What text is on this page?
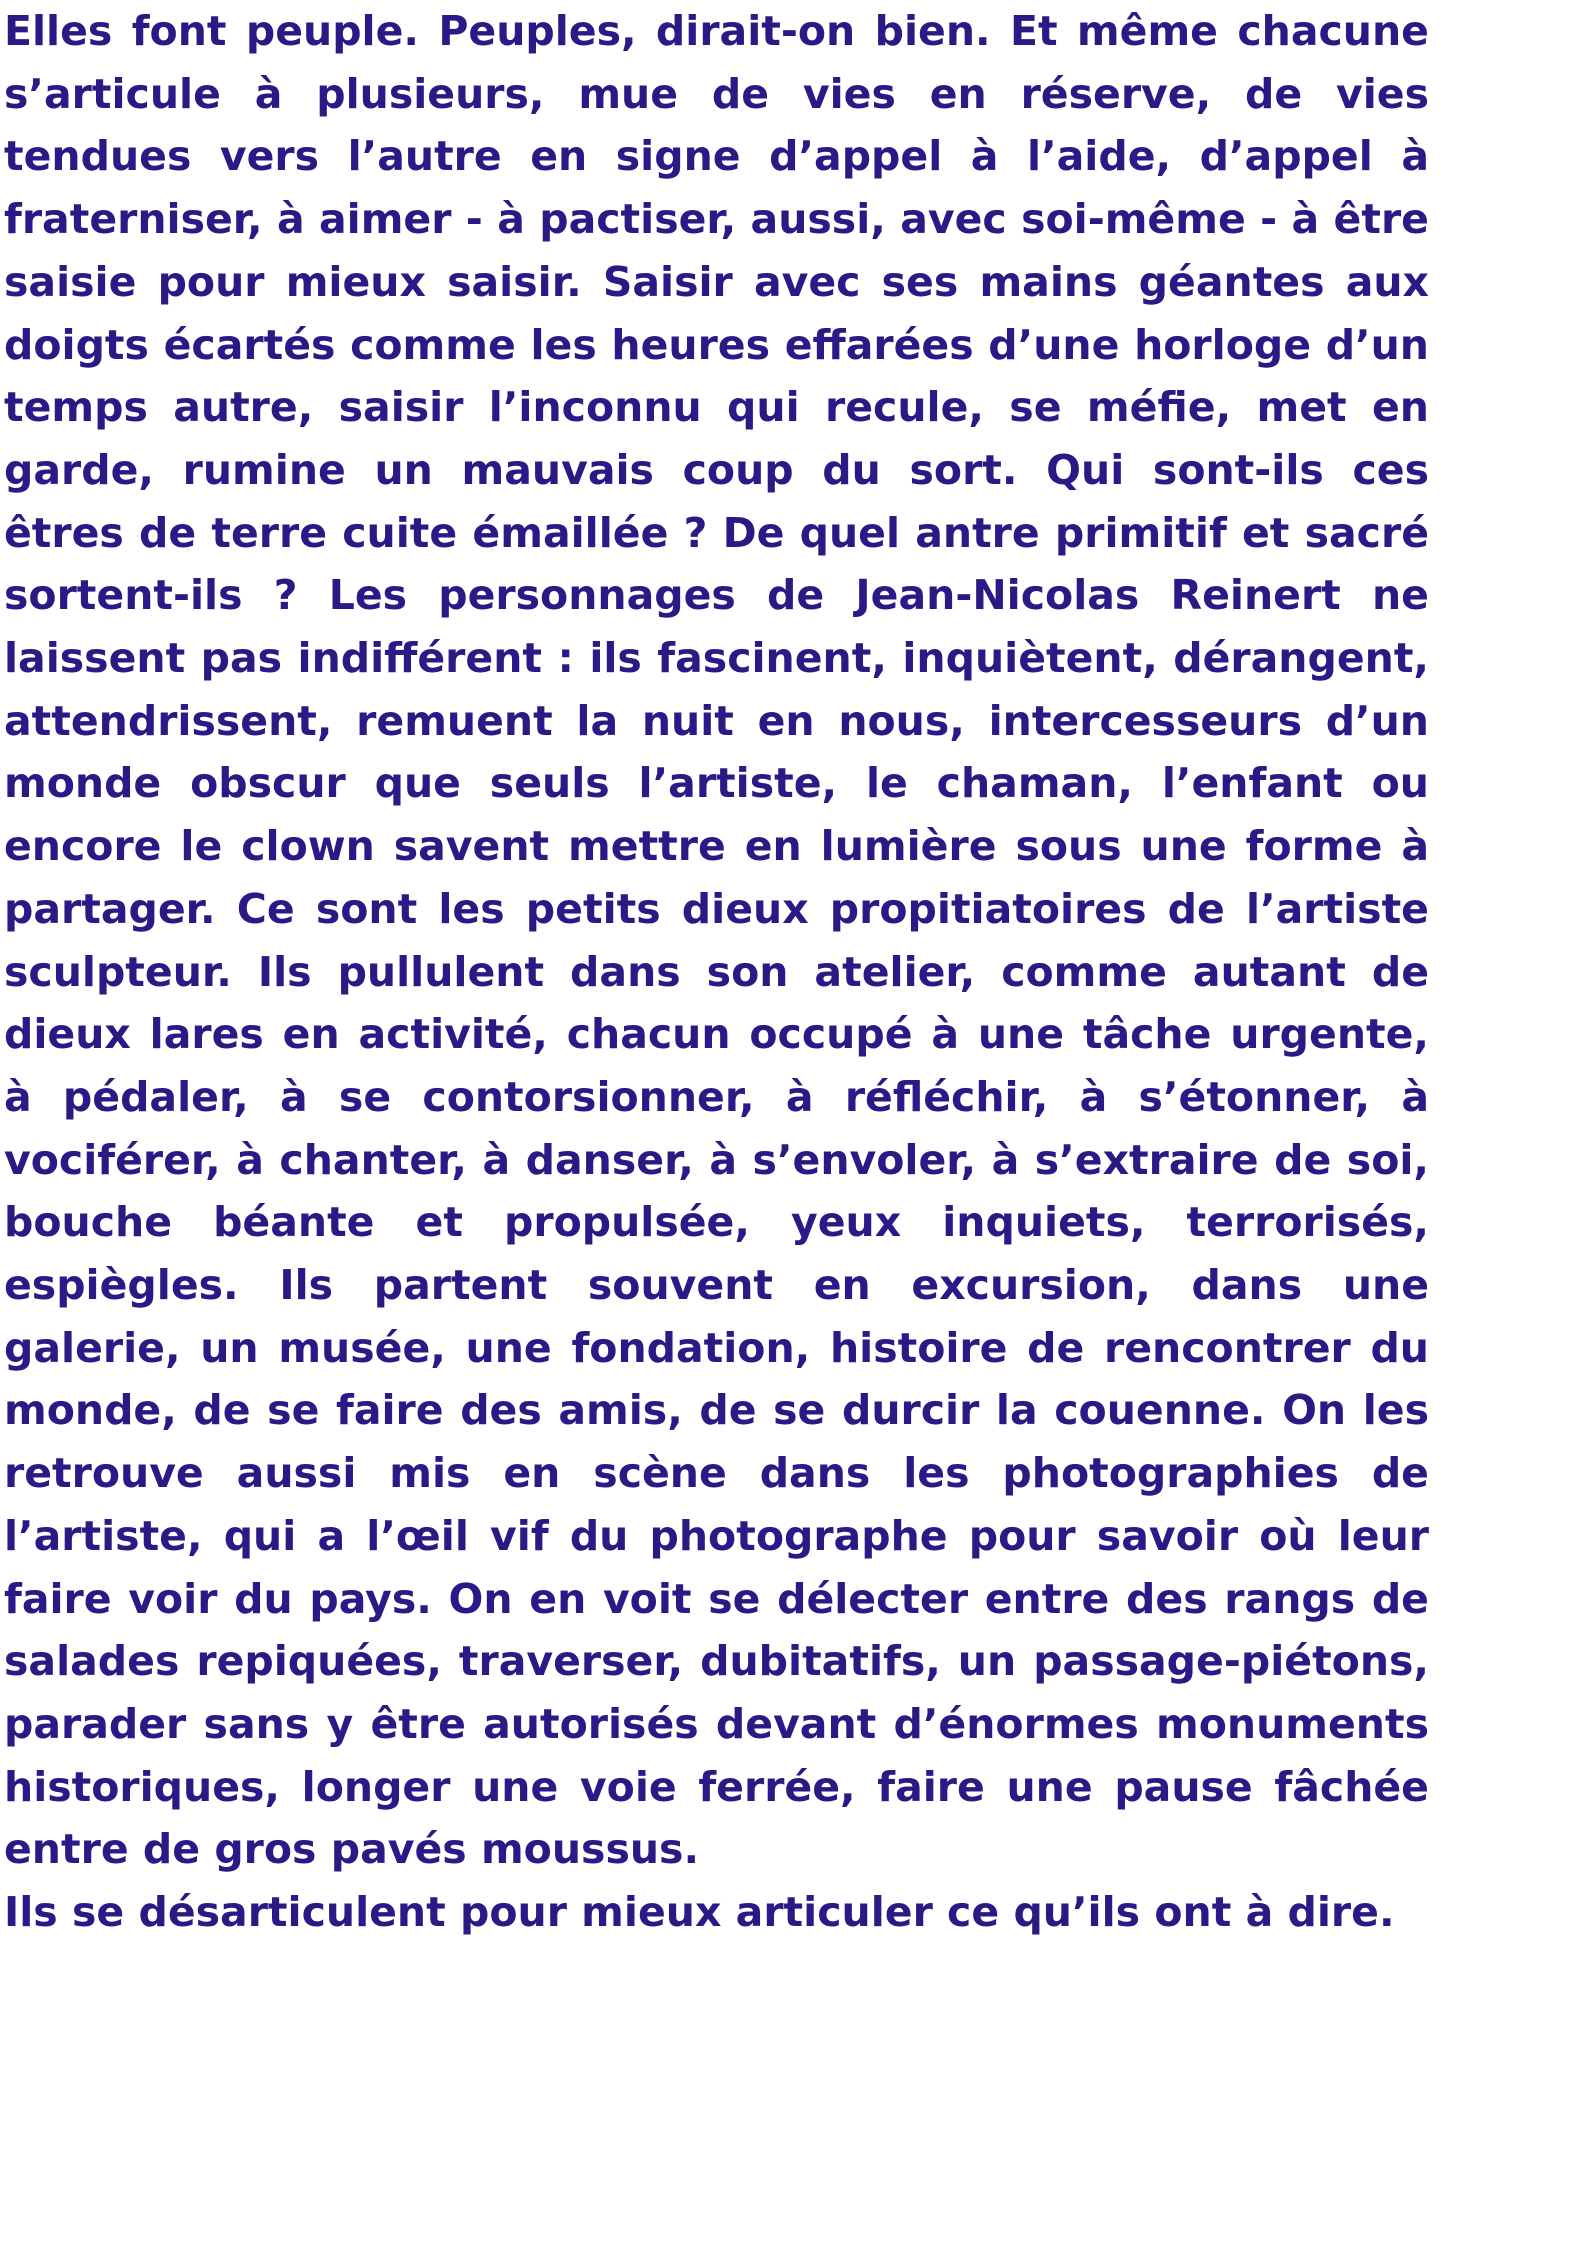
Elles font peuple. Peuples, dirait-on bien. Et même chacune s’articule à plusieurs, mue de vies en réserve, de vies tendues vers l’autre en signe d’appel à l’aide, d’appel à fraterniser, à aimer - à pactiser, aussi, avec soi-même - à être saisie pour mieux saisir. Saisir avec ses mains géantes aux doigts écartés comme les heures effarées d’une horloge d’un temps autre, saisir l’inconnu qui recule, se méfie, met en garde, rumine un mauvais coup du sort. Qui sont-ils ces êtres de terre cuite émaillée ? De quel antre primitif et sacré sortent-ils ? Les personnages de Jean-Nicolas Reinert ne laissent pas indifférent : ils fascinent, inquiètent, dérangent, attendrissent, remuent la nuit en nous, intercesseurs d’un monde obscur que seuls l’artiste, le chaman, l’enfant ou encore le clown savent mettre en lumière sous une forme à partager. Ce sont les petits dieux propitiatoires de l’artiste sculpteur. Ils pullulent dans son atelier, comme autant de dieux lares en activité, chacun occupé à une tâche urgente, à pédaler, à se contorsionner, à réfléchir, à s’étonner, à vociférer, à chanter, à danser, à s’envoler, à s’extraire de soi, bouche béante et propulsée, yeux inquiets, terrorisés, espiègles. Ils partent souvent en excursion, dans une galerie, un musée, une fondation, histoire de rencontrer du monde, de se faire des amis, de se durcir la couenne. On les retrouve aussi mis en scène dans les photographies de l’artiste, qui a l’œil vif du photographe pour savoir où leur faire voir du pays. On en voit se délecter entre des rangs de salades repiquées, traverser, dubitatifs, un passage-piétons, parader sans y être autorisés devant d’énormes monuments historiques, longer une voie ferrée, faire une pause fâchée entre de gros pavés moussus.

Ils se désarticulent pour mieux articuler ce qu’ils ont à dire.
